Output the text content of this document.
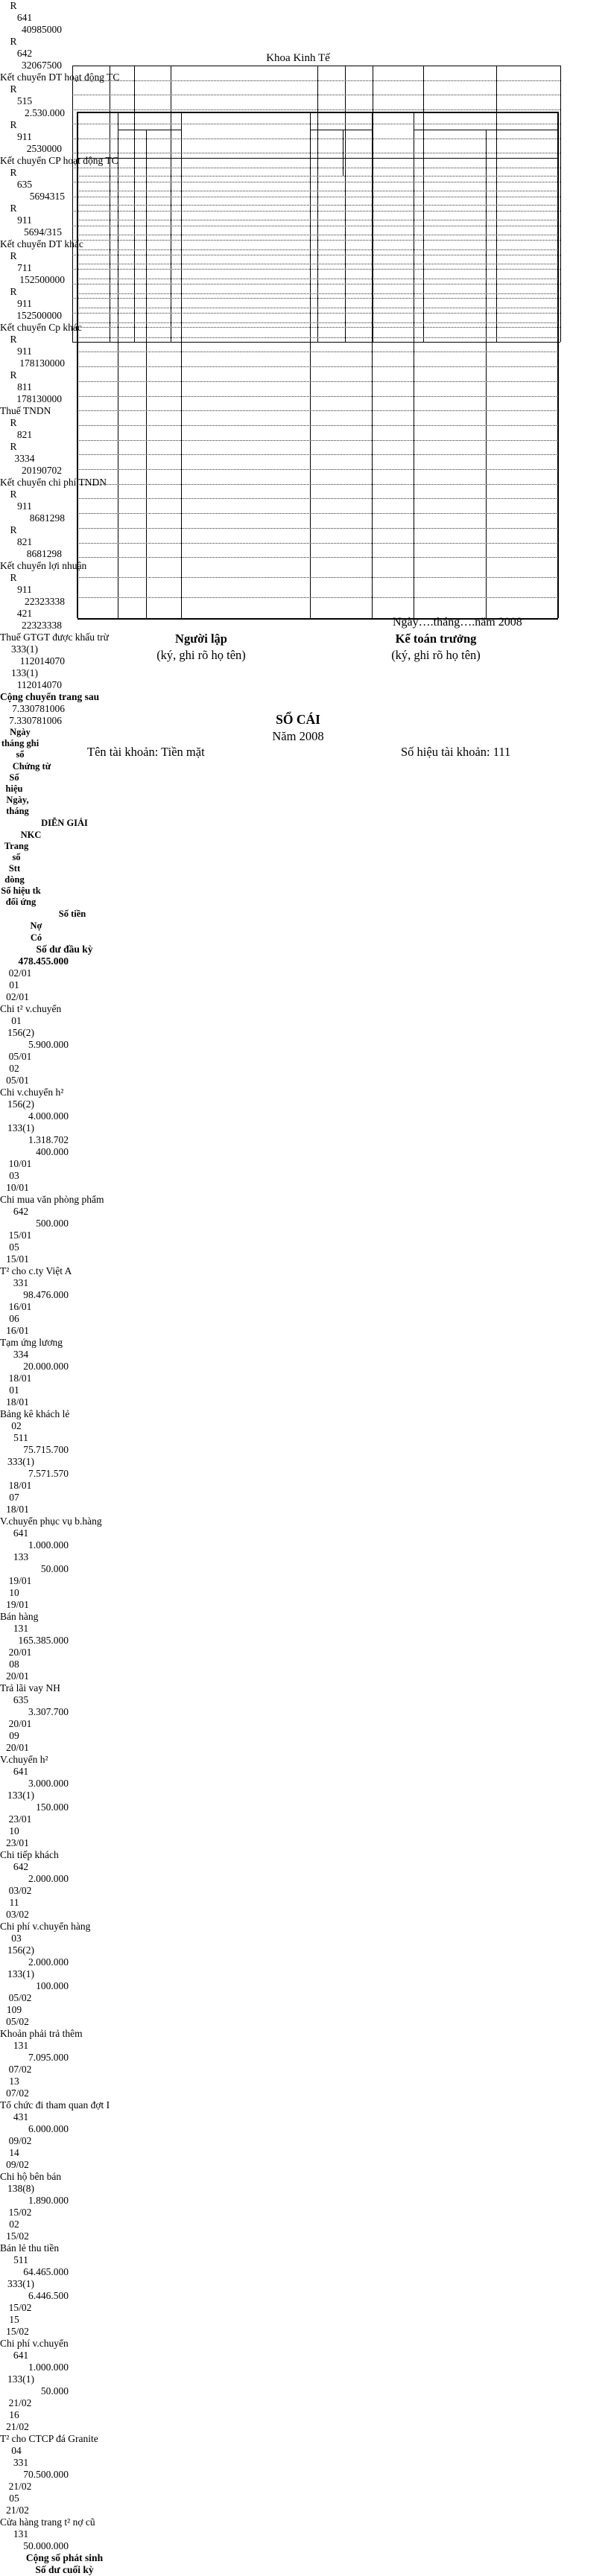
Khoa Kinh Tế
R
641
40985000
R
642
32067500
Kết chuyển DT hoạt động TC
R
515
2.530.000
R
911
2530000
Kết chuyển CP hoạt động TC
R
635
5694315
R
911
5694/315
Kết chuyển DT khác
R
711
152500000
R
911
152500000
Kết chuyển Cp khác
R
911
178130000
R
811
178130000
Thuế TNDN
R
821
R
3334
20190702
Kết chuyển chi phí TNDN
R
911
8681298
R
821
8681298
Kết chuyển lợi nhuận
R
911
22323338
421
22323338
Thuế GTGT được khấu trừ
333(1)
112014070
133(1)
112014070
Cộng chuyển trang sau
7.330781006
7.330781006
Ngày tháng ghi sổ
Chứng từ
Số hiệu
Ngày, tháng
DIỄN GIẢI
NKC
Trang số
Stt dòng
Số hiệu tk đối ứng
Số tiền
Nợ
Có
Số dư đầu kỳ
478.455.000
02/01
01
02/01
Chi t² v.chuyển
01
156(2)
5.900.000
05/01
02
05/01
Chi v.chuyển h²
156(2)
4.000.000
133(1)
1.318.702
400.000
10/01
03
10/01
Chi mua văn phòng phẩm
642
500.000
15/01
05
15/01
T² cho c.ty Việt A
331
98.476.000
16/01
06
16/01
Tạm ứng lương
334
20.000.000
18/01
01
18/01
Bảng kê khách lẻ
02
511
75.715.700
333(1)
7.571.570
18/01
07
18/01
V.chuyển phục vụ b.hàng
641
1.000.000
133
50.000
19/01
10
19/01
Bán hàng
131
165.385.000
20/01
08
20/01
Trả lãi vay NH
635
3.307.700
20/01
09
20/01
V.chuyển h²
641
3.000.000
133(1)
150.000
23/01
10
23/01
Chi tiếp khách
642
2.000.000
03/02
11
03/02
Chi phí v.chuyển hàng
03
156(2)
2.000.000
133(1)
100.000
05/02
109
05/02
Khoản phải trả thêm
131
7.095.000
07/02
13
07/02
Tổ chức đi tham quan đợt I
431
6.000.000
09/02
14
09/02
Chi hộ bên bán
138(8)
1.890.000
15/02
02
15/02
Bán lẻ thu tiền
511
64.465.000
333(1)
6.446.500
15/02
15
15/02
Chi phí v.chuyển
641
1.000.000
133(1)
50.000
21/02
16
21/02
T² cho CTCP đá Granite
04
331
70.500.000
21/02
05
21/02
Cửa hàng trang t² nợ cũ
131
50.000.000
Cộng số phát sinh
Số dư cuối kỳ
Ngày….tháng….năm 2008
Người lập
(ký, ghi rõ họ tên)
Kế toán trưởng
(ký, ghi rõ họ tên)
SỔ CÁI
Năm 2008
Tên tài khoản: Tiền mặt	Số hiệu tài khoản: 111
